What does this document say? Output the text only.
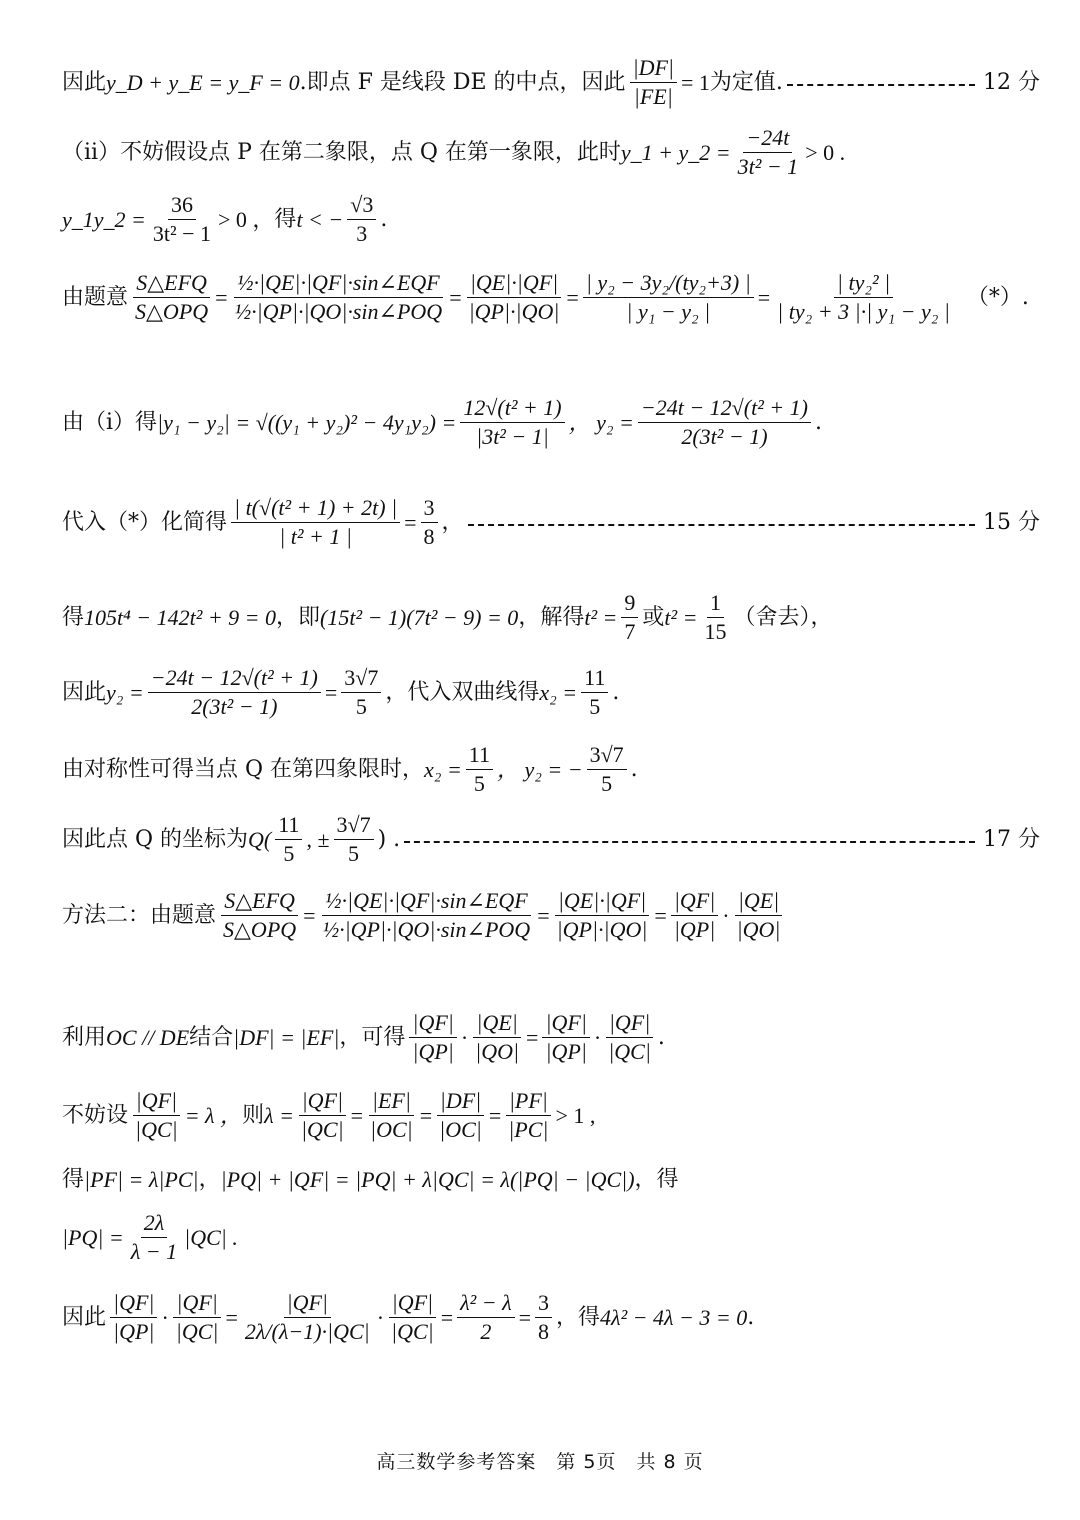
因此 y_D + y_E = y_F = 0 .即点 F 是线段 DE 的中点，因此 $\frac{|DF|}{|FE|} = 1$ 为定值.	12 分
（ii）不妨假设点 P 在第二象限，点 Q 在第一象限，此时 y_1 + y_2 = $\frac{-24t}{\text{3t² − 1}} > 0$ .
y_1y_2 = $\frac{36}{\text{3t² − 1}} > 0$ ， 得 t < − $\frac{√3}{3}$ .
由题意 $\frac{\text{S△EFQ}}{\text{S△OPQ}} = \frac{\text{½·|QE|·|QF|·sin∠EQF}}{\text{½·|QP|·|QO|·sin∠POQ}} = \frac{|QE|\cdot|QF|}{|QP|\cdot|QO|} = \frac{\text{| y₂ − 3y₂/(ty₂+3) |}}{\text{| y₁ − y₂ |}} = \frac{\text{| ty₂² |}}{\text{| ty₂ + 3 |·| y₁ − y₂ |}}$ （*）.
由（i）得 $|y_1 - y_2| = √((y_1 + y_2)^2 - 4y_1y_2) = \frac{\text{12√(t² + 1)}}{\text{|3t² − 1|}}$ ， $y_2 = \frac{\text{−24t − 12√(t² + 1)}}{\text{2(3t² − 1)}}$ .
代入（*）化简得 $\frac{\text{| t(√(t² + 1) + 2t) |}}{\text{| t² + 1 |}} = \frac{3}{8}$ ，	15 分
得 105t⁴ − 142t² + 9 = 0 ，即 (15t² − 1)(7t² − 9) = 0 ，解得 $t^2 = \frac{9}{7}$ 或 $t^2 = \frac{1}{15}$ （舍去），
因此 $y_2 = \frac{\text{−24t − 12√(t² + 1)}}{\text{2(3t² − 1)}} = \frac{3√7}{5}$ ，代入双曲线得 $x_2 = \frac{11}{5}$ .
由对称性可得当点 Q 在第四象限时， $x_2 = \frac{11}{5}$ ， y₂ = − $\frac{3√7}{5}$ .
因此点 Q 的坐标为 $Q( \frac{11}{5}$ , ± $\frac{3√7}{5}$ ) .	17 分
方法二：由题意 $\frac{\text{S△EFQ}}{\text{S△OPQ}} = \frac{\text{½·|QE|·|QF|·sin∠EQF}}{\text{½·|QP|·|QO|·sin∠POQ}} = \frac{|QE|\cdot|QF|}{|QP|\cdot|QO|} = \frac{|QF|}{|QP|} \cdot \frac{|QE|}{|QO|}$
利用 OC // DE 结合 |DF| = |EF| ，可得 $\frac{|QF|}{|QP|} \cdot \frac{|QE|}{|QO|} = \frac{|QF|}{|QP|} \cdot \frac{|QF|}{|QC|}$ .
不妨设 $\frac{|QF|}{|QC|} = \lambda$ ， 则 $\lambda = \frac{|QF|}{|QC|} = \frac{|EF|}{|OC|} = \frac{|DF|}{|OC|} = \frac{|PF|}{|PC|} > 1$ ,
得 |PF| = λ|PC| ， |PQ| + |QF| = |PQ| + λ|QC| = λ(|PQ| − |QC|) ，得
$|PQ| = \frac{2\lambda}{\lambda - 1} |QC|$ .
因此 $\frac{|QF|}{|QP|} \cdot \frac{|QF|}{|QC|} = \frac{|QF|}{2\lambda/(\lambda-1)\cdot|QC|} \cdot \frac{|QF|}{|QC|} = \frac{\text{λ² − λ}}{2} = \frac{3}{8}$ ，得 4λ² − 4λ − 3 = 0 .
高三数学参考答案　第 5页　共 8 页
